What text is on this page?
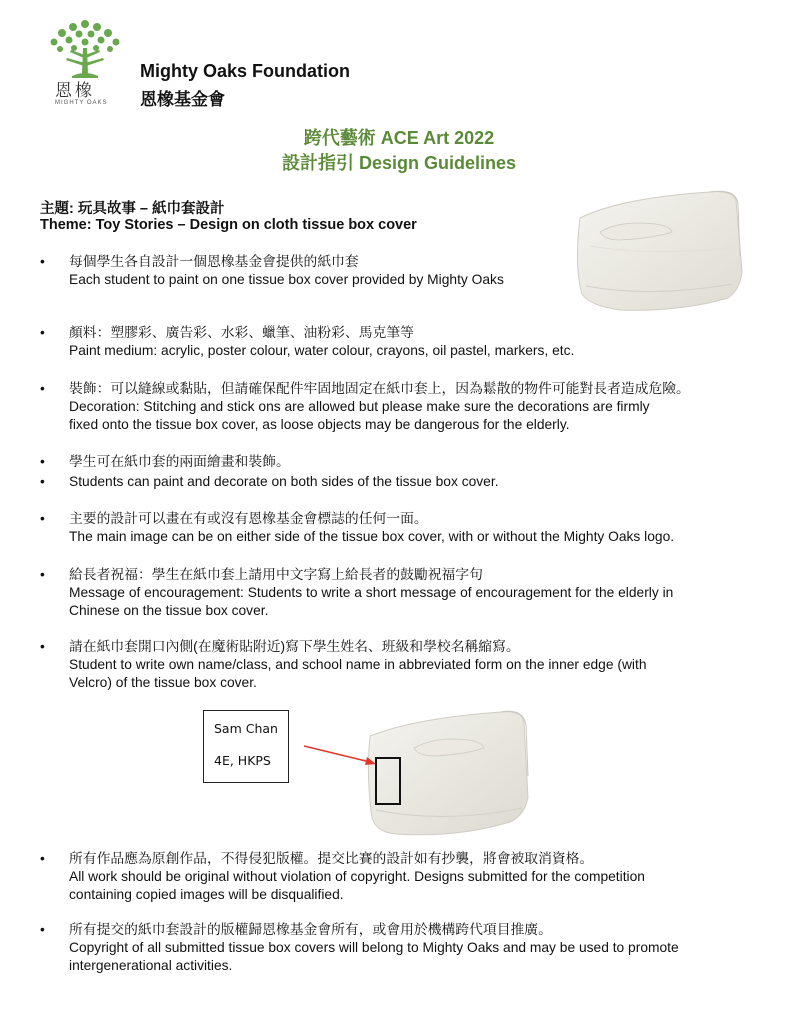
恩橡
MIGHTY OAKS
Mighty Oaks Foundation
恩橡基金會
跨代藝術 ACE Art 2022
設計指引 Design Guidelines
主題: 玩具故事 – 紙巾套設計
Theme: Toy Stories – Design on cloth tissue box cover
• 每個學生各自設計一個恩橡基金會提供的紙巾套
Each student to paint on one tissue box cover provided by Mighty Oaks
• 顏料：塑膠彩、廣告彩、水彩、蠟筆、油粉彩、馬克筆等
Paint medium: acrylic, poster colour, water colour, crayons, oil pastel, markers, etc.
• 裝飾：可以縫線或黏貼，但請確保配件牢固地固定在紙巾套上，因為鬆散的物件可能對長者造成危險。
Decoration: Stitching and stick ons are allowed but please make sure the decorations are firmly
fixed onto the tissue box cover, as loose objects may be dangerous for the elderly.
• 學生可在紙巾套的兩面繪畫和裝飾。
• Students can paint and decorate on both sides of the tissue box cover.
• 主要的設計可以畫在有或沒有恩橡基金會標誌的任何一面。
The main image can be on either side of the tissue box cover, with or without the Mighty Oaks logo.
• 給長者祝福：學生在紙巾套上請用中文字寫上給長者的鼓勵祝福字句
Message of encouragement: Students to write a short message of encouragement for the elderly in
Chinese on the tissue box cover.
• 請在紙巾套開口內側(在魔術貼附近)寫下學生姓名、班級和學校名稱縮寫。
Student to write own name/class, and school name in abbreviated form on the inner edge (with
Velcro) of the tissue box cover.
Sam Chan
4E, HKPS
• 所有作品應為原創作品，不得侵犯版權。提交比賽的設計如有抄襲，將會被取消資格。
All work should be original without violation of copyright. Designs submitted for the competition
containing copied images will be disqualified.
• 所有提交的紙巾套設計的版權歸恩橡基金會所有，或會用於機構跨代項目推廣。
Copyright of all submitted tissue box covers will belong to Mighty Oaks and may be used to promote
intergenerational activities.
